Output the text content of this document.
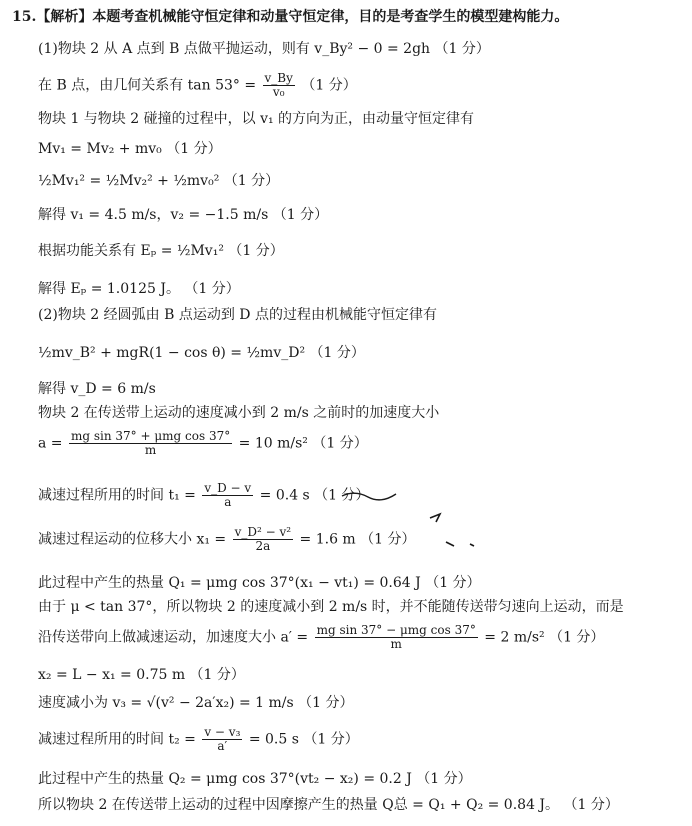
15.【解析】本题考查机械能守恒定律和动量守恒定律，目的是考查学生的模型建构能力。
(1)物块 2 从 A 点到 B 点做平抛运动，则有 v_By² − 0 = 2gh （1 分）
在 B 点，由几何关系有 $\tan 53^\circ = \frac{v\_By}{\text{v₀}} (1$ 分）
物块 1 与物块 2 碰撞的过程中，以 v₁ 的方向为正，由动量守恒定律有
Mv₁ = Mv₂ + mv₀ （1 分）
½Mv₁² = ½Mv₂² + ½mv₀² （1 分）
解得 v₁ = 4.5 m/s，v₂ = −1.5 m/s （1 分）
根据功能关系有 Eₚ = ½Mv₁² （1 分）
解得 Eₚ = 1.0125 J。 （1 分）
(2)物块 2 经圆弧由 B 点运动到 D 点的过程由机械能守恒定律有
½mv_B² + mgR(1 − cos θ) = ½mv_D² （1 分）
解得 v_D = 6 m/s
物块 2 在传送带上运动的速度减小到 2 m/s 之前时的加速度大小
$a = \frac{\text{mg sin 37° + μmg cos 37°}}{m} = 10$ m/s² （1 分）
减速过程所用的时间 $t_1 = \frac{v\_D - v}{a} = 0.4$ s （1 分）
减速过程运动的位移大小 $x_1 = \frac{\text{v\_D² − v²}}{2a} = 1.6$ m （1 分）
此过程中产生的热量 Q₁ = μmg cos 37°(x₁ − vt₁) = 0.64 J （1 分）
由于 μ < tan 37°，所以物块 2 的速度减小到 2 m/s 时，并不能随传送带匀速向上运动，而是
沿传送带向上做减速运动，加速度大小 $a' = \frac{\text{mg sin 37° − μmg cos 37°}}{m} = 2$ m/s² （1 分）
x₂ = L − x₁ = 0.75 m （1 分）
速度减小为 v₃ = √(v² − 2a′x₂) = 1 m/s （1 分）
减速过程所用的时间 $t_2 = \frac{\text{v − v₃}}{a'} = 0.5$ s （1 分）
此过程中产生的热量 Q₂ = μmg cos 37°(vt₂ − x₂) = 0.2 J （1 分）
所以物块 2 在传送带上运动的过程中因摩擦产生的热量 Q总 = Q₁ + Q₂ = 0.84 J。 （1 分）
